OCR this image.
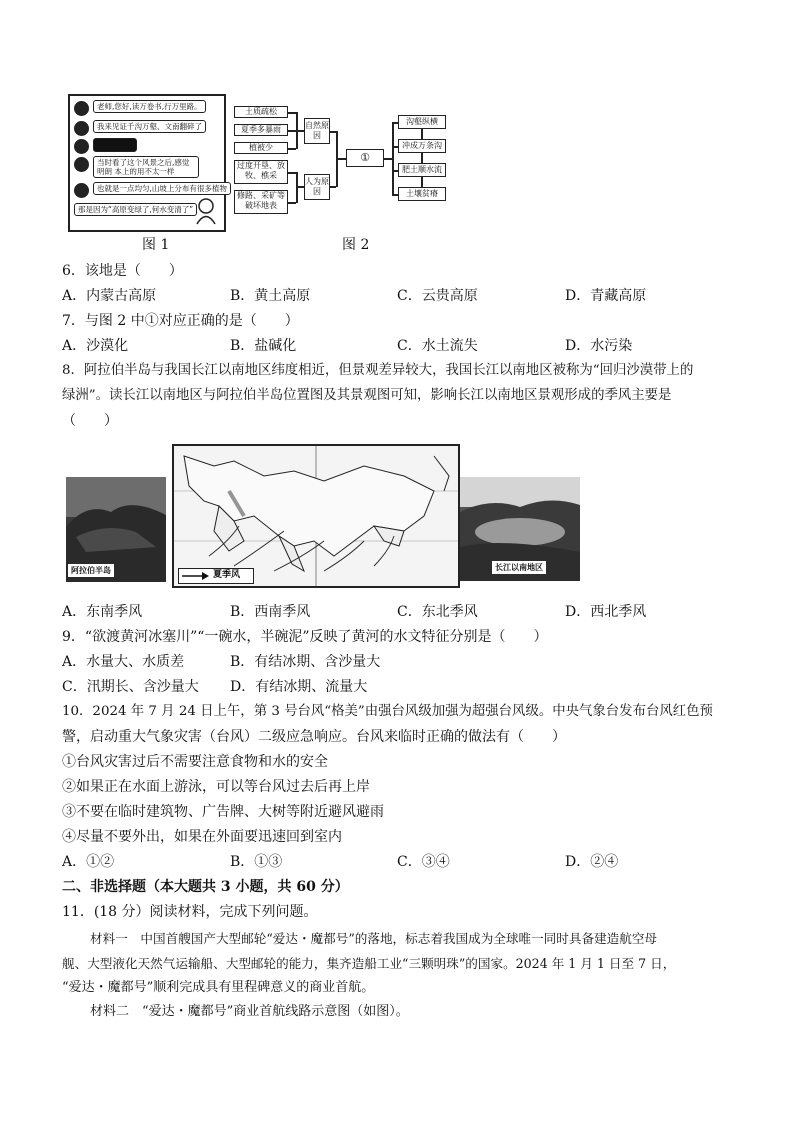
老师,您好,读万卷书,行万里路。
我来见证千沟万壑、文南翻碎了
当时看了这个风景之后,感觉明朗 本上的用不太一样
也就是一点均匀,山坡上分布有很多植物
那是因为“高原变绿了,何水变清了”
图 1
土质疏松
夏季多暴雨
植被少
过度开垦、放牧、樵采
修路、采矿等破坏地表
自然原因
人为原因
①
沟壑纵横
冲成万条沟
肥土顺水流
土壤贫瘠
图 2
6．该地是（　　）
A．内蒙古高原	B．黄土高原	C．云贵高原	D．青藏高原
7．与图 2 中①对应正确的是（　　）
A．沙漠化	B．盐碱化	C．水土流失	D．水污染
8．阿拉伯半岛与我国长江以南地区纬度相近，但景观差异较大，我国长江以南地区被称为“回归沙漠带上的
绿洲”。读长江以南地区与阿拉伯半岛位置图及其景观图可知，影响长江以南地区景观形成的季风主要是
（　　）
阿拉伯半岛	夏季风
长江以南地区
A．东南季风	B．西南季风	C．东北季风	D．西北季风
9．“欲渡黄河冰塞川”“一碗水，半碗泥”反映了黄河的水文特征分别是（　　）
A．水量大、水质差	B．有结冰期、含沙量大
C．汛期长、含沙量大 D．有结冰期、流量大
10．2024 年 7 月 24 日上午，第 3 号台风“格美”由强台风级加强为超强台风级。中央气象台发布台风红色预
警，启动重大气象灾害（台风）二级应急响应。台风来临时正确的做法有（　　）
①台风灾害过后不需要注意食物和水的安全
②如果正在水面上游泳，可以等台风过去后再上岸
③不要在临时建筑物、广告牌、大树等附近避风避雨
④尽量不要外出，如果在外面要迅速回到室内
A．①②	B．①③	C．③④	D．②④
二、非选择题（本大题共 3 小题，共 60 分）
11．(18 分）阅读材料，完成下列问题。
材料一　中国首艘国产大型邮轮“爱达・魔都号”的落地，标志着我国成为全球唯一同时具备建造航空母
舰、大型液化天然气运输船、大型邮轮的能力，集齐造船工业“三颗明珠”的国家。2024 年 1 月 1 日至 7 日，
“爱达・魔都号”顺利完成具有里程碑意义的商业首航。
材料二　“爱达・魔都号”商业首航线路示意图（如图）。
